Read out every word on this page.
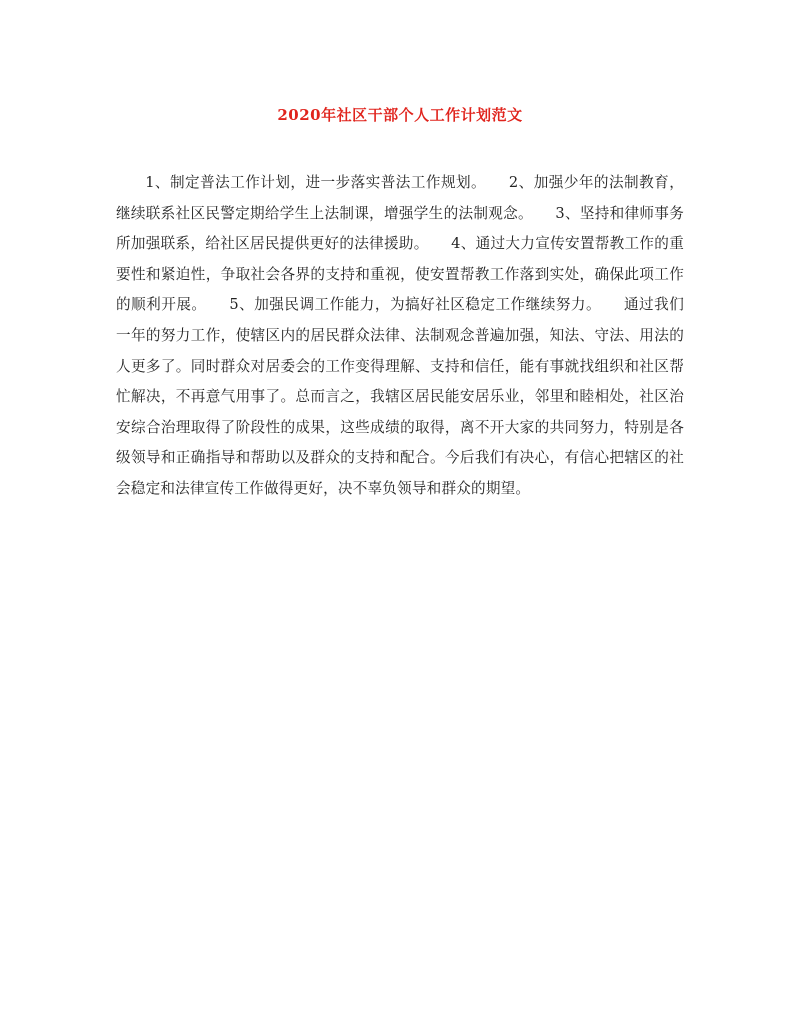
2020年社区干部个人工作计划范文

1、制定普法工作计划，进一步落实普法工作规划。　　2、加强少年的法制教育，继续联系社区民警定期给学生上法制课，增强学生的法制观念。　　3、坚持和律师事务所加强联系，给社区居民提供更好的法律援助。　　4、通过大力宣传安置帮教工作的重要性和紧迫性，争取社会各界的支持和重视，使安置帮教工作落到实处，确保此项工作的顺利开展。　　5、加强民调工作能力，为搞好社区稳定工作继续努力。　　通过我们一年的努力工作，使辖区内的居民群众法律、法制观念普遍加强，知法、守法、用法的人更多了。同时群众对居委会的工作变得理解、支持和信任，能有事就找组织和社区帮忙解决，不再意气用事了。总而言之，我辖区居民能安居乐业，邻里和睦相处，社区治安综合治理取得了阶段性的成果，这些成绩的取得，离不开大家的共同努力，特别是各级领导和正确指导和帮助以及群众的支持和配合。今后我们有决心，有信心把辖区的社会稳定和法律宣传工作做得更好，决不辜负领导和群众的期望。
